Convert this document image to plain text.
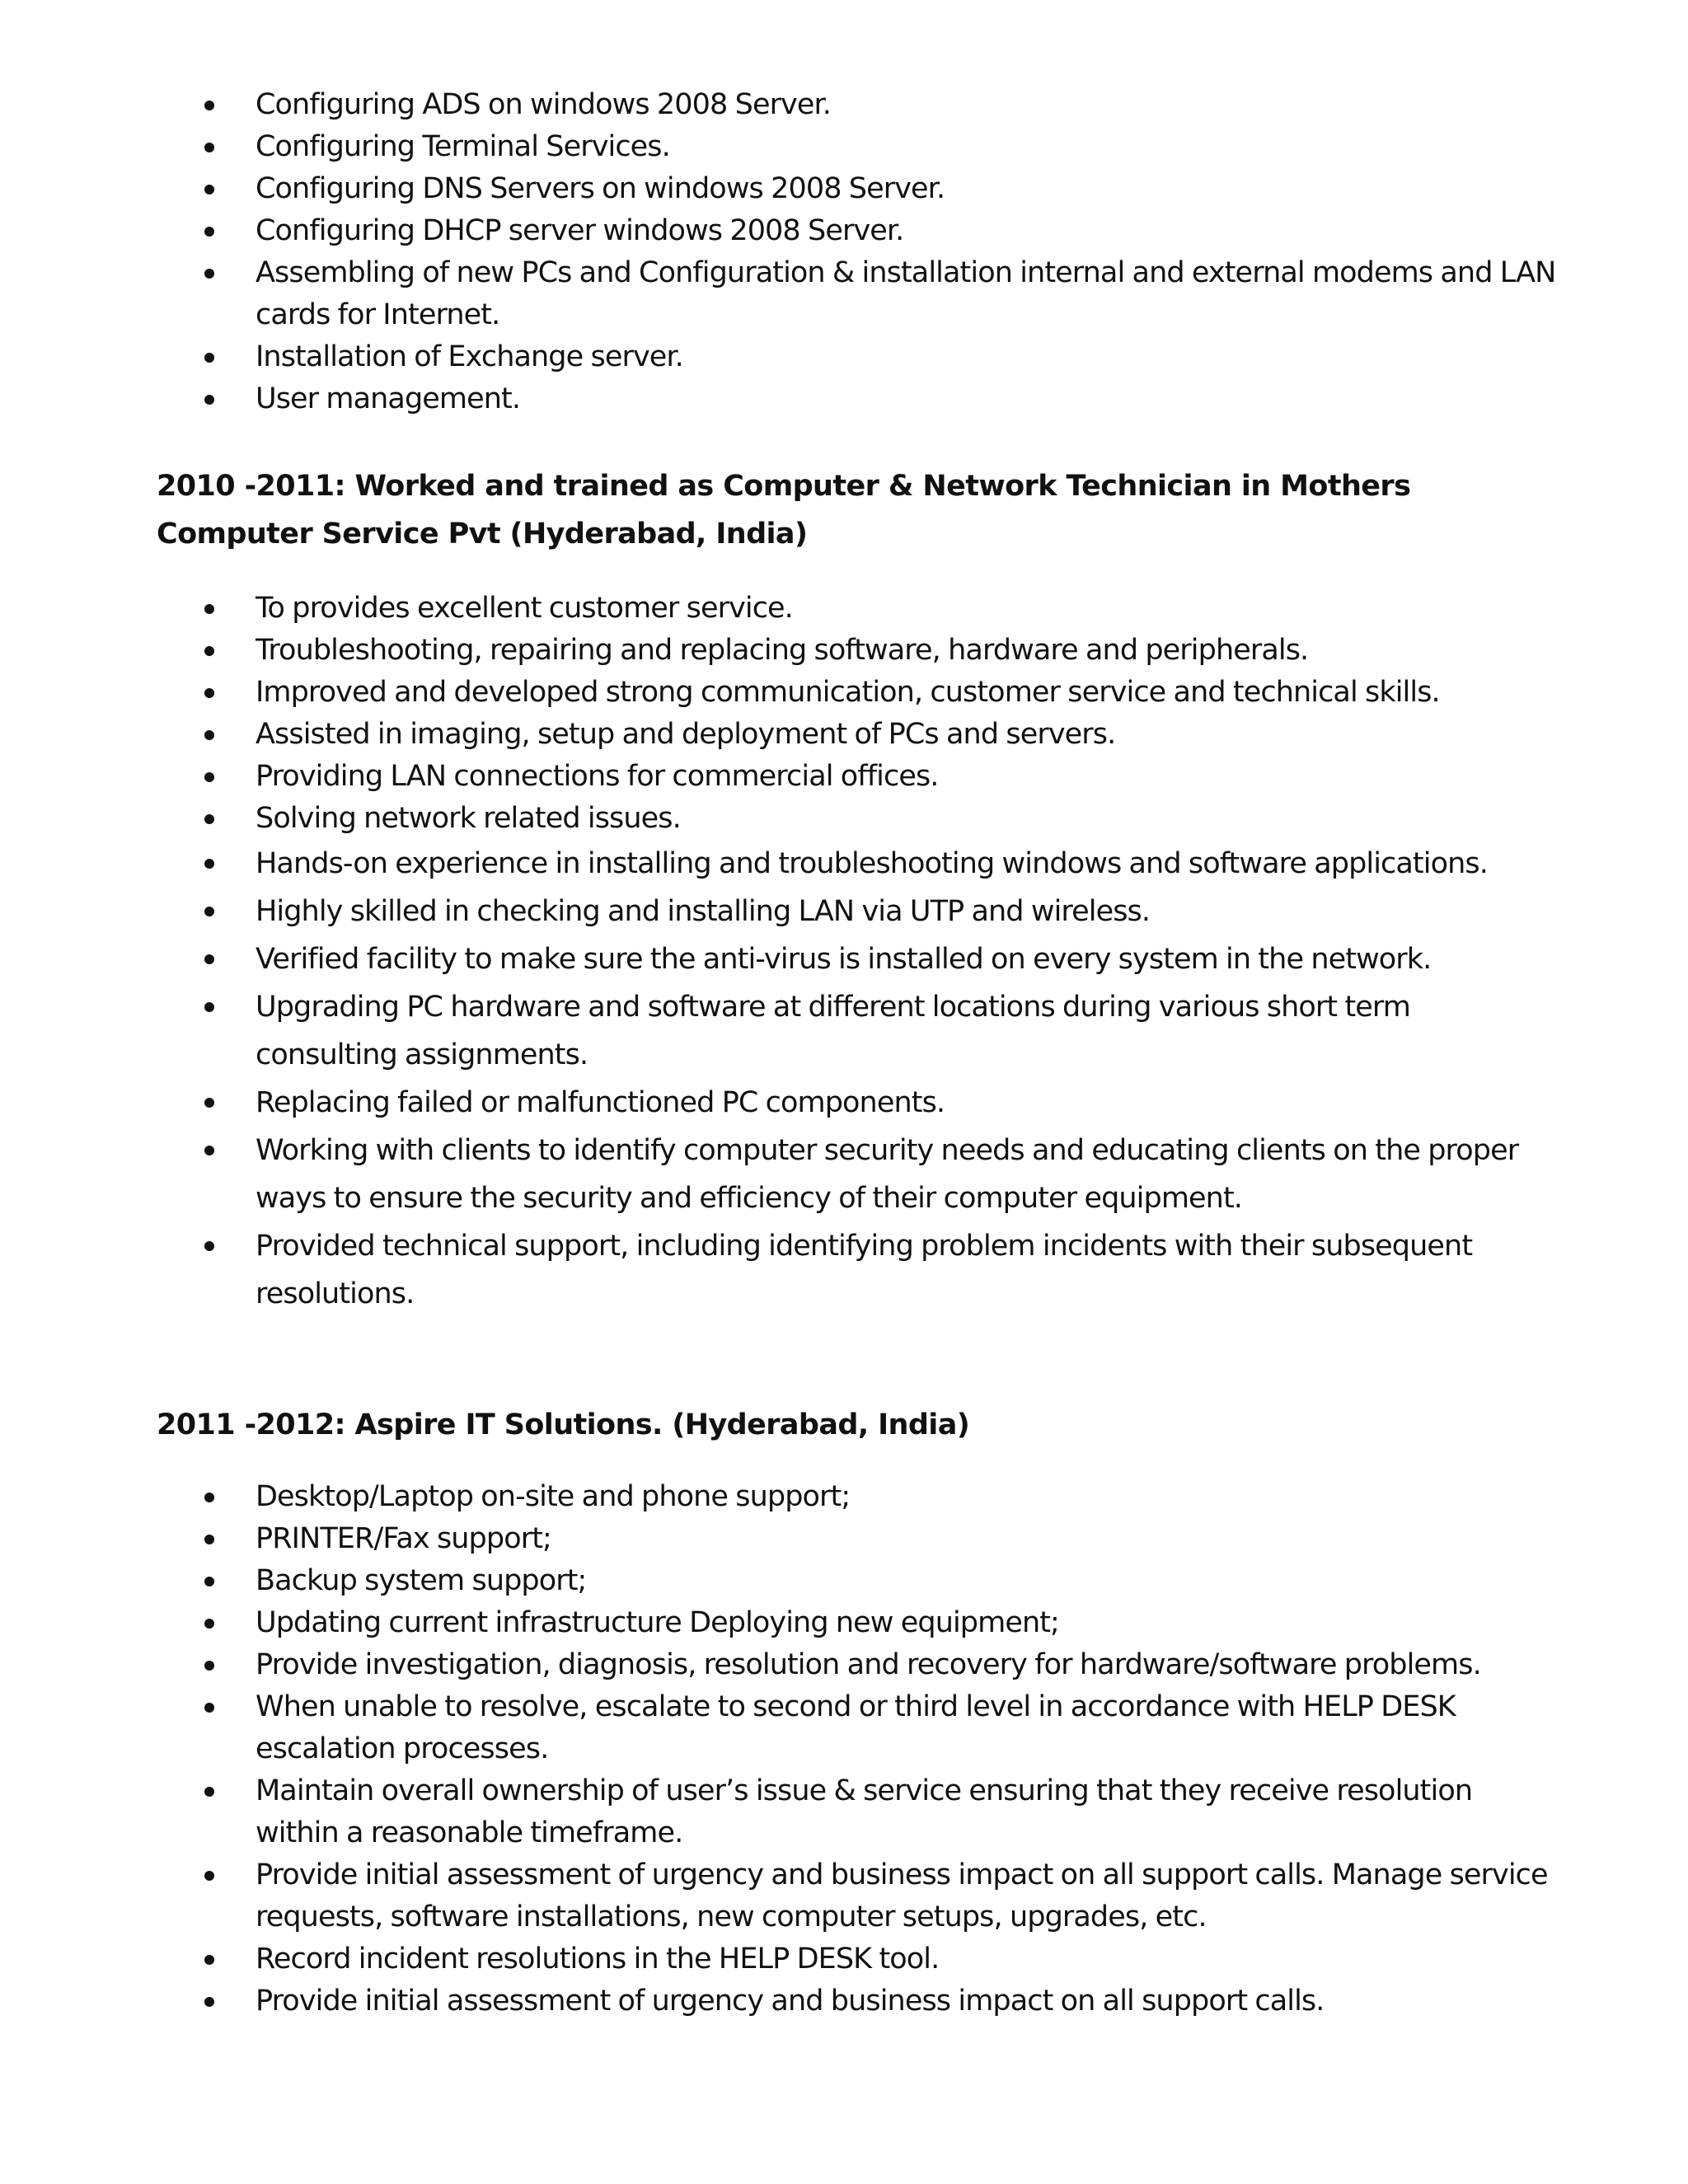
Configuring ADS on windows 2008 Server.
Configuring Terminal Services.
Configuring DNS Servers on windows 2008 Server.
Configuring DHCP server windows 2008 Server.
Assembling of new PCs and Configuration & installation internal and external modems and LAN cards for Internet.
Installation of Exchange server.
User management.
2010 -2011: Worked and trained as Computer & Network Technician in Mothers Computer Service Pvt (Hyderabad, India)
To provides excellent customer service.
Troubleshooting, repairing and replacing software, hardware and peripherals.
Improved and developed strong communication, customer service and technical skills.
Assisted in imaging, setup and deployment of PCs and servers.
Providing LAN connections for commercial offices.
Solving network related issues.
Hands-on experience in installing and troubleshooting windows and software applications.
Highly skilled in checking and installing LAN via UTP and wireless.
Verified facility to make sure the anti-virus is installed on every system in the network.
Upgrading PC hardware and software at different locations during various short term consulting assignments.
Replacing failed or malfunctioned PC components.
Working with clients to identify computer security needs and educating clients on the proper ways to ensure the security and efficiency of their computer equipment.
Provided technical support, including identifying problem incidents with their subsequent resolutions.
2011 -2012: Aspire IT Solutions. (Hyderabad, India)
Desktop/Laptop on-site and phone support;
PRINTER/Fax support;
Backup system support;
Updating current infrastructure Deploying new equipment;
Provide investigation, diagnosis, resolution and recovery for hardware/software problems.
When unable to resolve, escalate to second or third level in accordance with HELP DESK escalation processes.
Maintain overall ownership of user’s issue & service ensuring that they receive resolution within a reasonable timeframe.
Provide initial assessment of urgency and business impact on all support calls. Manage service requests, software installations, new computer setups, upgrades, etc.
Record incident resolutions in the HELP DESK tool.
Provide initial assessment of urgency and business impact on all support calls.
